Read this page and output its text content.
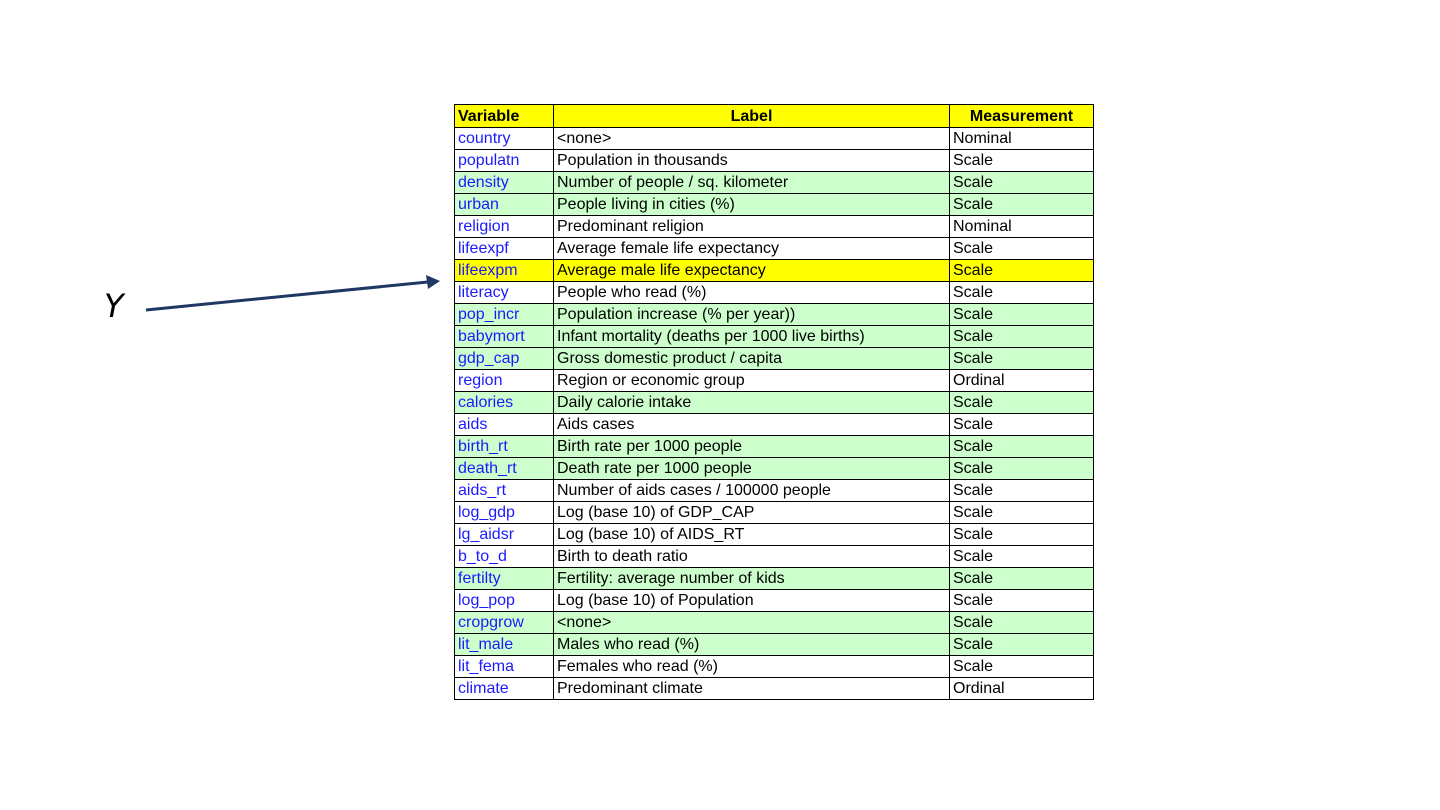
Y
Variable	Label	Measurement
country	<none>	Nominal
populatn	Population in thousands	Scale
density	Number of people / sq. kilometer	Scale
urban	People living in cities (%)	Scale
religion	Predominant religion	Nominal
lifeexpf	Average female life expectancy	Scale
lifeexpm	Average male life expectancy	Scale
literacy	People who read (%)	Scale
pop_incr	Population increase (% per year))	Scale
babymort	Infant mortality (deaths per 1000 live births)	Scale
gdp_cap	Gross domestic product / capita	Scale
region	Region or economic group	Ordinal
calories	Daily calorie intake	Scale
aids	Aids cases	Scale
birth_rt	Birth rate per 1000 people	Scale
death_rt	Death rate per 1000 people	Scale
aids_rt	Number of aids cases / 100000 people	Scale
log_gdp	Log (base 10) of GDP_CAP	Scale
lg_aidsr	Log (base 10) of AIDS_RT	Scale
b_to_d	Birth to death ratio	Scale
fertilty	Fertility: average number of kids	Scale
log_pop	Log (base 10) of Population	Scale
cropgrow	<none>	Scale
lit_male	Males who read (%)	Scale
lit_fema	Females who read (%)	Scale
climate	Predominant climate	Ordinal
